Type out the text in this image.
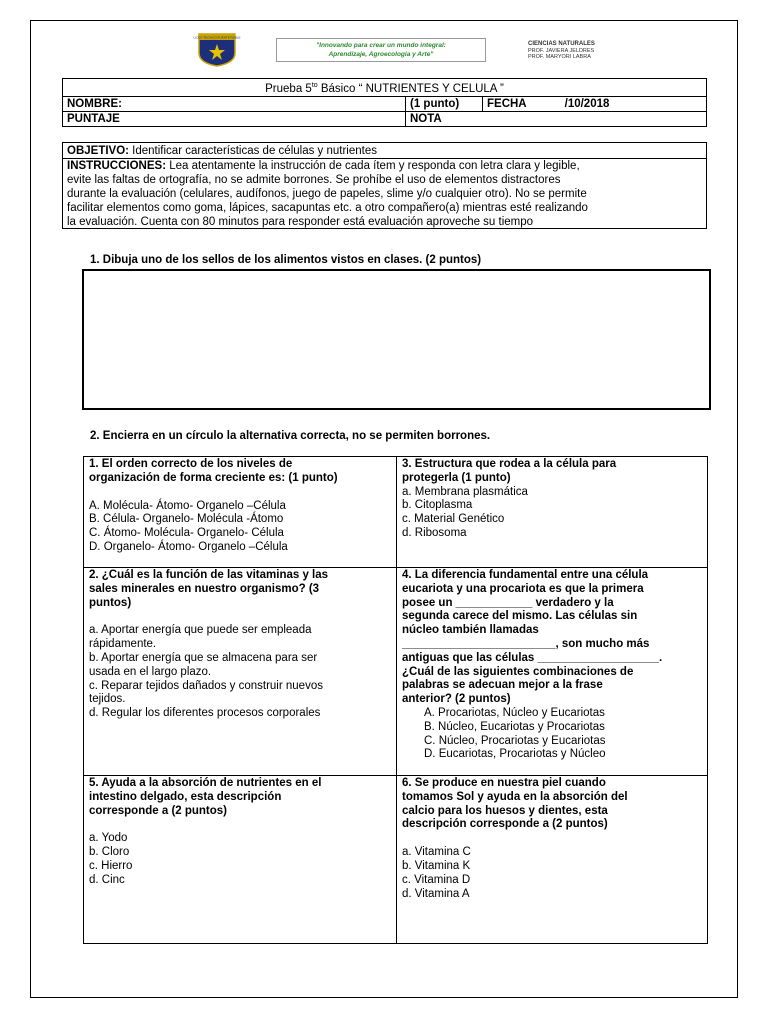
LICEO TECNICO PUENTE ÑUBLE
"Innovando para crear un mundo integral:
Aprendizaje, Agroecología y Arte"
CIENCIAS NATURALES
PROF. JAVIERA JELDRES
PROF. MARYORI LABRA
Prueba $5^{to}$ Básico “ NUTRIENTES Y CELULA ”		
NOMBRE:	(1 punto)	FECHA /10/2018
PUNTAJE	NOTA	
OBJETIVO: Identificar características de células y nutrientes
INSTRUCCIONES: Lea atentamente la instrucción de cada ítem y responda con letra clara y legible,
evite las faltas de ortografía, no se admite borrones. Se prohíbe el uso de elementos distractores
durante la evaluación (celulares, audífonos, juego de papeles, slime y/o cualquier otro). No se permite
facilitar elementos como goma, lápices, sacapuntas etc. a otro compañero(a) mientras esté realizando
la evaluación. Cuenta con 80 minutos para responder está evaluación aproveche su tiempo
1. Dibuja uno de los sellos de los alimentos vistos en clases. (2 puntos)
2. Encierra en un círculo la alternativa correcta, no se permiten borrones.
1. El orden correcto de los niveles de
organización de forma creciente es: (1 punto)
A. Molécula- Átomo- Organelo –Célula
B. Célula- Organelo- Molécula -Átomo
C. Átomo- Molécula- Organelo- Célula
D. Organelo- Átomo- Organelo –Célula
3. Estructura que rodea a la célula para
protegerla (1 punto)
a. Membrana plasmática
b. Citoplasma
c. Material Genético
d. Ribosoma
2. ¿Cuál es la función de las vitaminas y las
sales minerales en nuestro organismo? (3
puntos)
a. Aportar energía que puede ser empleada
rápidamente.
b. Aportar energía que se almacena para ser
usada en el largo plazo.
c. Reparar tejidos dañados y construir nuevos
tejidos.
d. Regular los diferentes procesos corporales
4. La diferencia fundamental entre una célula
eucariota y una procariota es que la primera
posee un ____________ verdadero y la
segunda carece del mismo. Las células sin
núcleo también llamadas
________________________, son mucho más
antiguas que las células ___________________.
¿Cuál de las siguientes combinaciones de
palabras se adecuan mejor a la frase
anterior? (2 puntos)
A. Procariotas, Núcleo y Eucariotas
B. Núcleo, Eucariotas y Procariotas
C. Núcleo, Procariotas y Eucariotas
D. Eucariotas, Procariotas y Núcleo
5. Ayuda a la absorción de nutrientes en el
intestino delgado, esta descripción
corresponde a (2 puntos)
a. Yodo
b. Cloro
c. Hierro
d. Cinc
6. Se produce en nuestra piel cuando
tomamos Sol y ayuda en la absorción del
calcio para los huesos y dientes, esta
descripción corresponde a (2 puntos)
a. Vitamina C
b. Vitamina K
c. Vitamina D
d. Vitamina A
